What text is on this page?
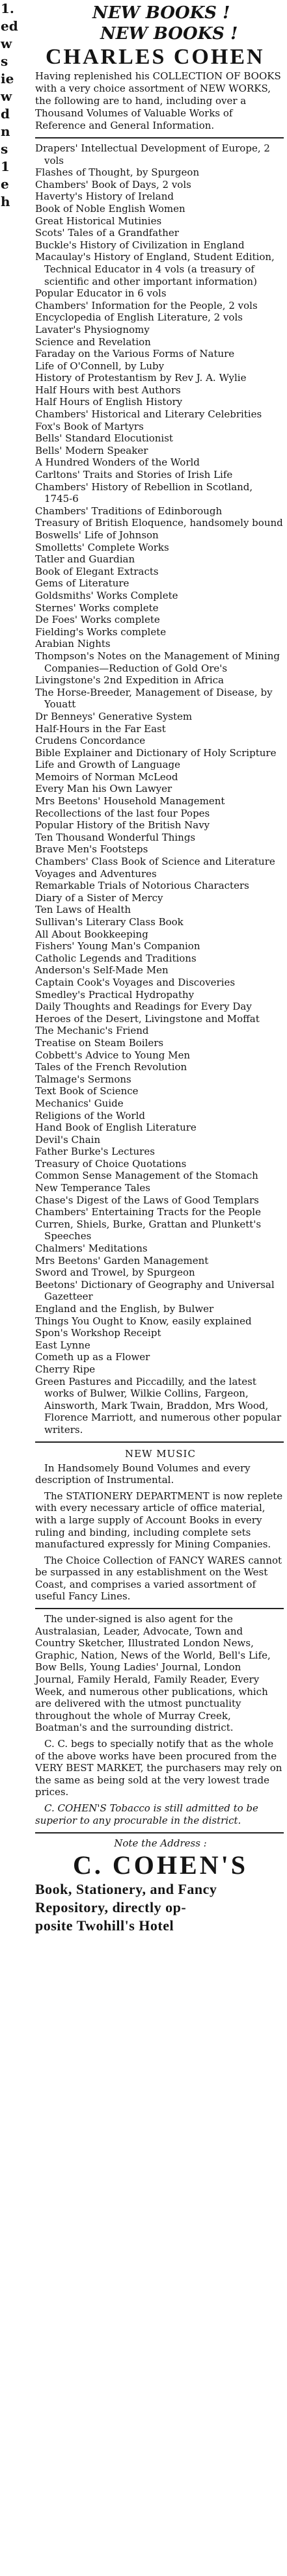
1.
ed
w
s
ie
w
d
n
s
1
e
h
NEW BOOKS !
NEW BOOKS !
CHARLES COHEN

Having replenished his COLLECTION OF BOOKS with a very choice assortment of NEW WORKS, the following are to hand, including over a Thousand Volumes of Valuable Works of Reference and General Information.

Drapers' Intellectual Development of Europe, 2 vols
Flashes of Thought, by Spurgeon
Chambers' Book of Days, 2 vols
Haverty's History of Ireland
Book of Noble English Women
Great Historical Mutinies
Scots' Tales of a Grandfather
Buckle's History of Civilization in England
Macaulay's History of England, Student Edition, Technical Educator in 4 vols (a treasury of scientific and other important information)
Popular Educator in 6 vols
Chambers' Information for the People, 2 vols
Encyclopedia of English Literature, 2 vols
Lavater's Physiognomy
Science and Revelation
Faraday on the Various Forms of Nature
Life of O'Connell, by Luby
History of Protestantism by Rev J. A. Wylie
Half Hours with best Authors
Half Hours of English History
Chambers' Historical and Literary Celebrities
Fox's Book of Martyrs
Bells' Standard Elocutionist
Bells' Modern Speaker
A Hundred Wonders of the World
Carltons' Traits and Stories of Irish Life
Chambers' History of Rebellion in Scotland, 1745-6
Chambers' Traditions of Edinborough
Treasury of British Eloquence, handsomely bound
Boswells' Life of Johnson
Smolletts' Complete Works
Tatler and Guardian
Book of Elegant Extracts
Gems of Literature
Goldsmiths' Works Complete
Sternes' Works complete
De Foes' Works complete
Fielding's Works complete
Arabian Nights
Thompson's Notes on the Management of Mining Companies—Reduction of Gold Ore's
Livingstone's 2nd Expedition in Africa
The Horse-Breeder, Management of Disease, by Youatt
Dr Benneys' Generative System
Half-Hours in the Far East
Crudens Concordance
Bible Explainer and Dictionary of Holy Scripture
Life and Growth of Language
Memoirs of Norman McLeod
Every Man his Own Lawyer
Mrs Beetons' Household Management
Recollections of the last four Popes
Popular History of the British Navy
Ten Thousand Wonderful Things
Brave Men's Footsteps
Chambers' Class Book of Science and Literature
Voyages and Adventures
Remarkable Trials of Notorious Characters
Diary of a Sister of Mercy
Ten Laws of Health
Sullivan's Literary Class Book
All About Bookkeeping
Fishers' Young Man's Companion
Catholic Legends and Traditions
Anderson's Self-Made Men
Captain Cook's Voyages and Discoveries
Smedley's Practical Hydropathy
Daily Thoughts and Readings for Every Day
Heroes of the Desert, Livingstone and Moffat
The Mechanic's Friend
Treatise on Steam Boilers
Cobbett's Advice to Young Men
Tales of the French Revolution
Talmage's Sermons
Text Book of Science
Mechanics' Guide
Religions of the World
Hand Book of English Literature
Devil's Chain
Father Burke's Lectures
Treasury of Choice Quotations
Common Sense Management of the Stomach
New Temperance Tales
Chase's Digest of the Laws of Good Templars
Chambers' Entertaining Tracts for the People
Curren, Shiels, Burke, Grattan and Plunkett's Speeches
Chalmers' Meditations
Mrs Beetons' Garden Management
Sword and Trowel, by Spurgeon
Beetons' Dictionary of Geography and Universal Gazetteer
England and the English, by Bulwer
Things You Ought to Know, easily explained
Spon's Workshop Receipt
East Lynne
Cometh up as a Flower
Cherry Ripe
Green Pastures and Piccadilly, and the latest works of Bulwer, Wilkie Collins, Fargeon, Ainsworth, Mark Twain, Braddon, Mrs Wood, Florence Marriott, and numerous other popular writers.
NEW MUSIC

In Handsomely Bound Volumes and every description of Instrumental.

The STATIONERY DEPARTMENT is now replete with every necessary article of office material, with a large supply of Account Books in every ruling and binding, including complete sets manufactured expressly for Mining Companies.

The Choice Collection of FANCY WARES cannot be surpassed in any establishment on the West Coast, and comprises a varied assortment of useful Fancy Lines.

The under-signed is also agent for the Australasian, Leader, Advocate, Town and Country Sketcher, Illustrated London News, Graphic, Nation, News of the World, Bell's Life, Bow Bells, Young Ladies' Journal, London Journal, Family Herald, Family Reader, Every Week, and numerous other publications, which are delivered with the utmost punctuality throughout the whole of Murray Creek, Boatman's and the surrounding district.

C. C. begs to specially notify that as the whole of the above works have been procured from the VERY BEST MARKET, the purchasers may rely on the same as being sold at the very lowest trade prices.

C. COHEN'S Tobacco is still admitted to be superior to any procurable in the district.

Note the Address :
C. COHEN'S
Book, Stationery, and Fancy
Repository, directly op-
posite Twohill's Hotel
